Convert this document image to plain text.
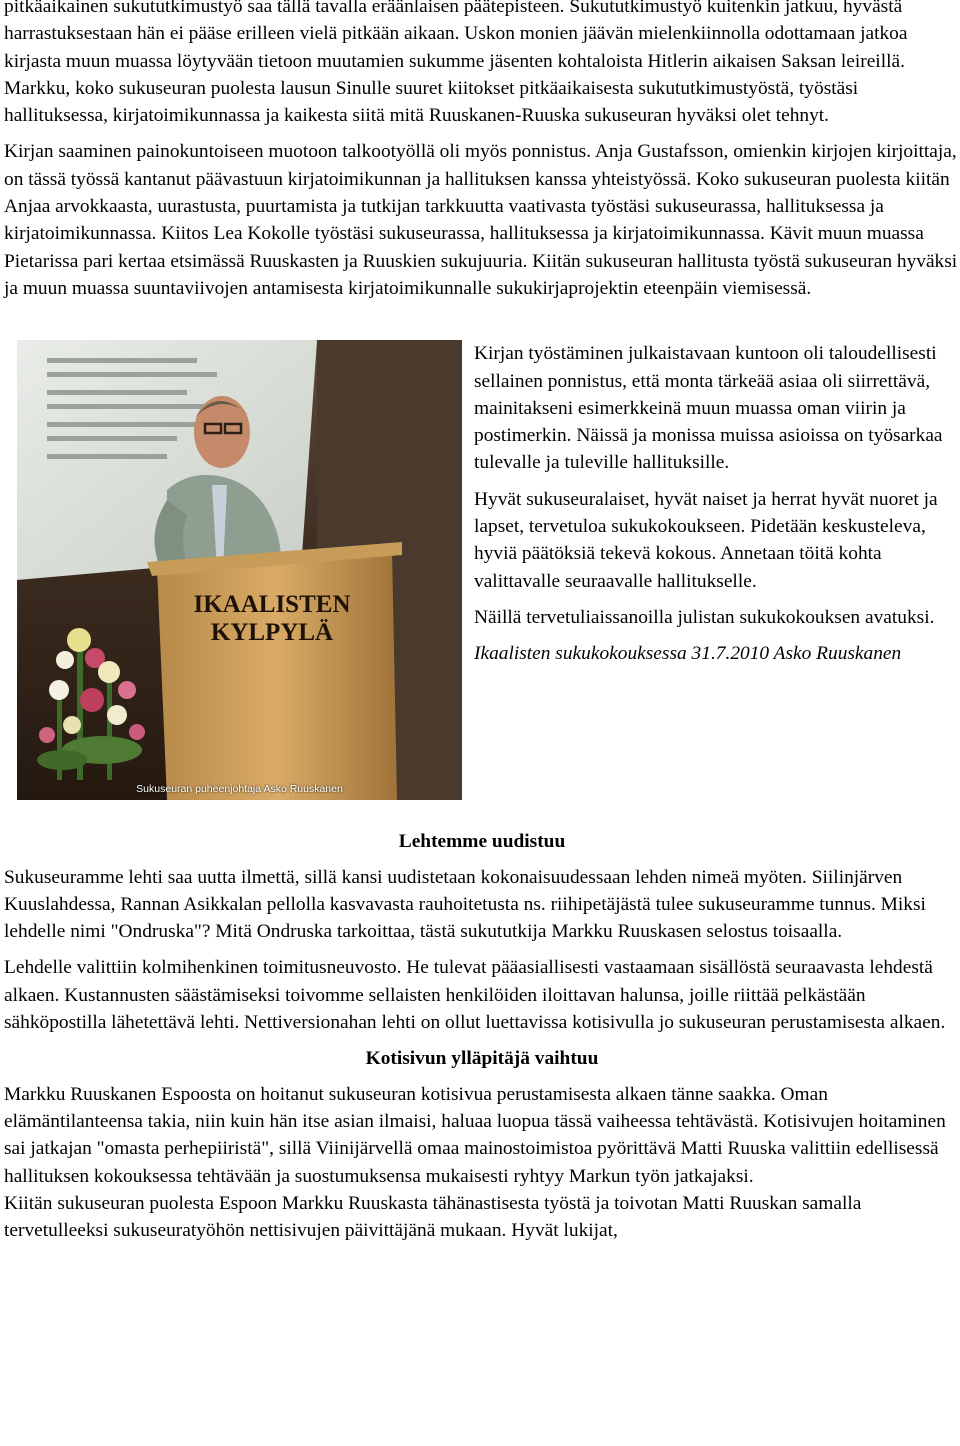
pitkäaikainen sukututkimustyö saa tällä tavalla eräänlaisen päätepisteen. Sukututkimustyö kuitenkin jatkuu, hyvästä harrastuksestaan hän ei pääse erilleen vielä pitkään aikaan. Uskon monien jäävän mielenkiinnolla odottamaan jatkoa kirjasta muun muassa löytyvään tietoon muutamien sukumme jäsenten kohtaloista Hitlerin aikaisen Saksan leireillä. Markku, koko sukuseuran puolesta lausun Sinulle suuret kiitokset pitkäaikaisesta sukututkimustyöstä, työstäsi hallituksessa, kirjatoimikunnassa ja kaikesta siitä mitä Ruuskanen-Ruuska sukuseuran hyväksi olet tehnyt.

Kirjan saaminen painokuntoiseen muotoon talkootyöllä oli myös ponnistus. Anja Gustafsson, omienkin kirjojen kirjoittaja, on tässä työssä kantanut päävastuun kirjatoimikunnan ja hallituksen kanssa yhteistyössä. Koko sukuseuran puolesta kiitän Anjaa arvokkaasta, uurastusta, puurtamista ja tutkijan tarkkuutta vaativasta työstäsi sukuseurassa, hallituksessa ja kirjatoimikunnassa. Kiitos Lea Kokolle työstäsi sukuseurassa, hallituksessa ja kirjatoimikunnassa. Kävit muun muassa Pietarissa pari kertaa etsimässä Ruuskasten ja Ruuskien sukujuuria. Kiitän sukuseuran hallitusta työstä sukuseuran hyväksi ja muun muassa suuntaviivojen antamisesta kirjatoimikunnalle sukukirjaprojektin eteenpäin viemisessä.

IKAALISTEN
KYLPYLÄ
Sukuseuran puheenjohtaja Asko Ruuskanen

Kirjan työstäminen julkaistavaan kuntoon oli taloudellisesti sellainen ponnistus, että monta tärkeää asiaa oli siirrettävä, mainitakseni esimerkkeinä muun muassa oman viirin ja postimerkin. Näissä ja monissa muissa asioissa on työsarkaa tulevalle ja tuleville hallituksille.

Hyvät sukuseuralaiset, hyvät naiset ja herrat hyvät nuoret ja lapset, tervetuloa sukukokoukseen. Pidetään keskusteleva, hyviä päätöksiä tekevä kokous. Annetaan töitä kohta valittavalle seuraavalle hallitukselle.

Näillä tervetuliaissanoilla julistan sukukokouksen avatuksi.

Ikaalisten sukukokouksessa 31.7.2010 Asko Ruuskanen

Lehtemme uudistuu

Sukuseuramme lehti saa uutta ilmettä, sillä kansi uudistetaan kokonaisuudessaan lehden nimeä myöten. Siilinjärven Kuuslahdessa, Rannan Asikkalan pellolla kasvavasta rauhoitetusta ns. riihipetäjästä tulee sukuseuramme tunnus. Miksi lehdelle nimi "Ondruska"? Mitä Ondruska tarkoittaa, tästä sukututkija Markku Ruuskasen selostus toisaalla.

Lehdelle valittiin kolmihenkinen toimitusneuvosto. He tulevat pääasiallisesti vastaamaan sisällöstä seuraavasta lehdestä alkaen. Kustannusten säästämiseksi toivomme sellaisten henkilöiden iloittavan halunsa, joille riittää pelkästään sähköpostilla lähetettävä lehti. Nettiversionahan lehti on ollut luettavissa kotisivulla jo sukuseuran perustamisesta alkaen.

Kotisivun ylläpitäjä vaihtuu

Markku Ruuskanen Espoosta on hoitanut sukuseuran kotisivua perustamisesta alkaen tänne saakka. Oman elämäntilanteensa takia, niin kuin hän itse asian ilmaisi, haluaa luopua tässä vaiheessa tehtävästä. Kotisivujen hoitaminen sai jatkajan "omasta perhepiiristä", sillä Viinijärvellä omaa mainostoimistoa pyörittävä Matti Ruuska valittiin edellisessä hallituksen kokouksessa tehtävään ja suostumuksensa mukaisesti ryhtyy Markun työn jatkajaksi.

Kiitän sukuseuran puolesta Espoon Markku Ruuskasta tähänastisesta työstä ja toivotan Matti Ruuskan samalla tervetulleeksi sukuseuratyöhön nettisivujen päivittäjänä mukaan. Hyvät lukijat,
